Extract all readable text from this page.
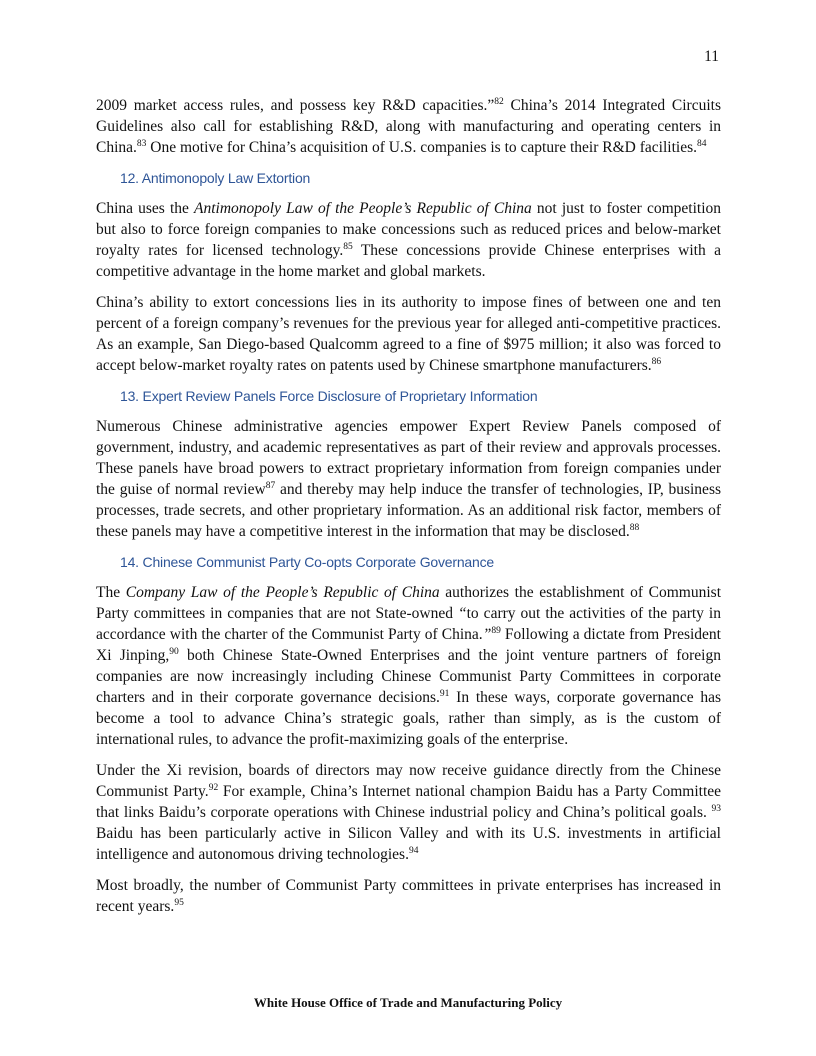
11

2009 market access rules, and possess key R&D capacities.”$^{82}$ China’s 2014 Integrated Circuits Guidelines also call for establishing R&D, along with manufacturing and operating centers in China.$^{83}$ One motive for China’s acquisition of U.S. companies is to capture their R&D facilities.$^{84}$

12. Antimonopoly Law Extortion

China uses the Antimonopoly Law of the People’s Republic of China not just to foster competition but also to force foreign companies to make concessions such as reduced prices and below-market royalty rates for licensed technology.$^{85}$ These concessions provide Chinese enterprises with a competitive advantage in the home market and global markets.

China’s ability to extort concessions lies in its authority to impose fines of between one and ten percent of a foreign company’s revenues for the previous year for alleged anti-competitive practices. As an example, San Diego-based Qualcomm agreed to a fine of $975 million; it also was forced to accept below-market royalty rates on patents used by Chinese smartphone manufacturers.$^{86}$

13. Expert Review Panels Force Disclosure of Proprietary Information

Numerous Chinese administrative agencies empower Expert Review Panels composed of government, industry, and academic representatives as part of their review and approvals processes. These panels have broad powers to extract proprietary information from foreign companies under the guise of normal review$^{87}$ and thereby may help induce the transfer of technologies, IP, business processes, trade secrets, and other proprietary information. As an additional risk factor, members of these panels may have a competitive interest in the information that may be disclosed.$^{88}$

14. Chinese Communist Party Co-opts Corporate Governance

The Company Law of the People’s Republic of China authorizes the establishment of Communist Party committees in companies that are not State-owned “to carry out the activities of the party in accordance with the charter of the Communist Party of China.”$^{89}$ Following a dictate from President Xi Jinping,$^{90}$ both Chinese State-Owned Enterprises and the joint venture partners of foreign companies are now increasingly including Chinese Communist Party Committees in corporate charters and in their corporate governance decisions.$^{91}$ In these ways, corporate governance has become a tool to advance China’s strategic goals, rather than simply, as is the custom of international rules, to advance the profit-maximizing goals of the enterprise.

Under the Xi revision, boards of directors may now receive guidance directly from the Chinese Communist Party.$^{92}$ For example, China’s Internet national champion Baidu has a Party Committee that links Baidu’s corporate operations with Chinese industrial policy and China’s political goals. $^{93}$ Baidu has been particularly active in Silicon Valley and with its U.S. investments in artificial intelligence and autonomous driving technologies.$^{94}$

Most broadly, the number of Communist Party committees in private enterprises has increased in recent years.$^{95}$

White House Office of Trade and Manufacturing Policy
